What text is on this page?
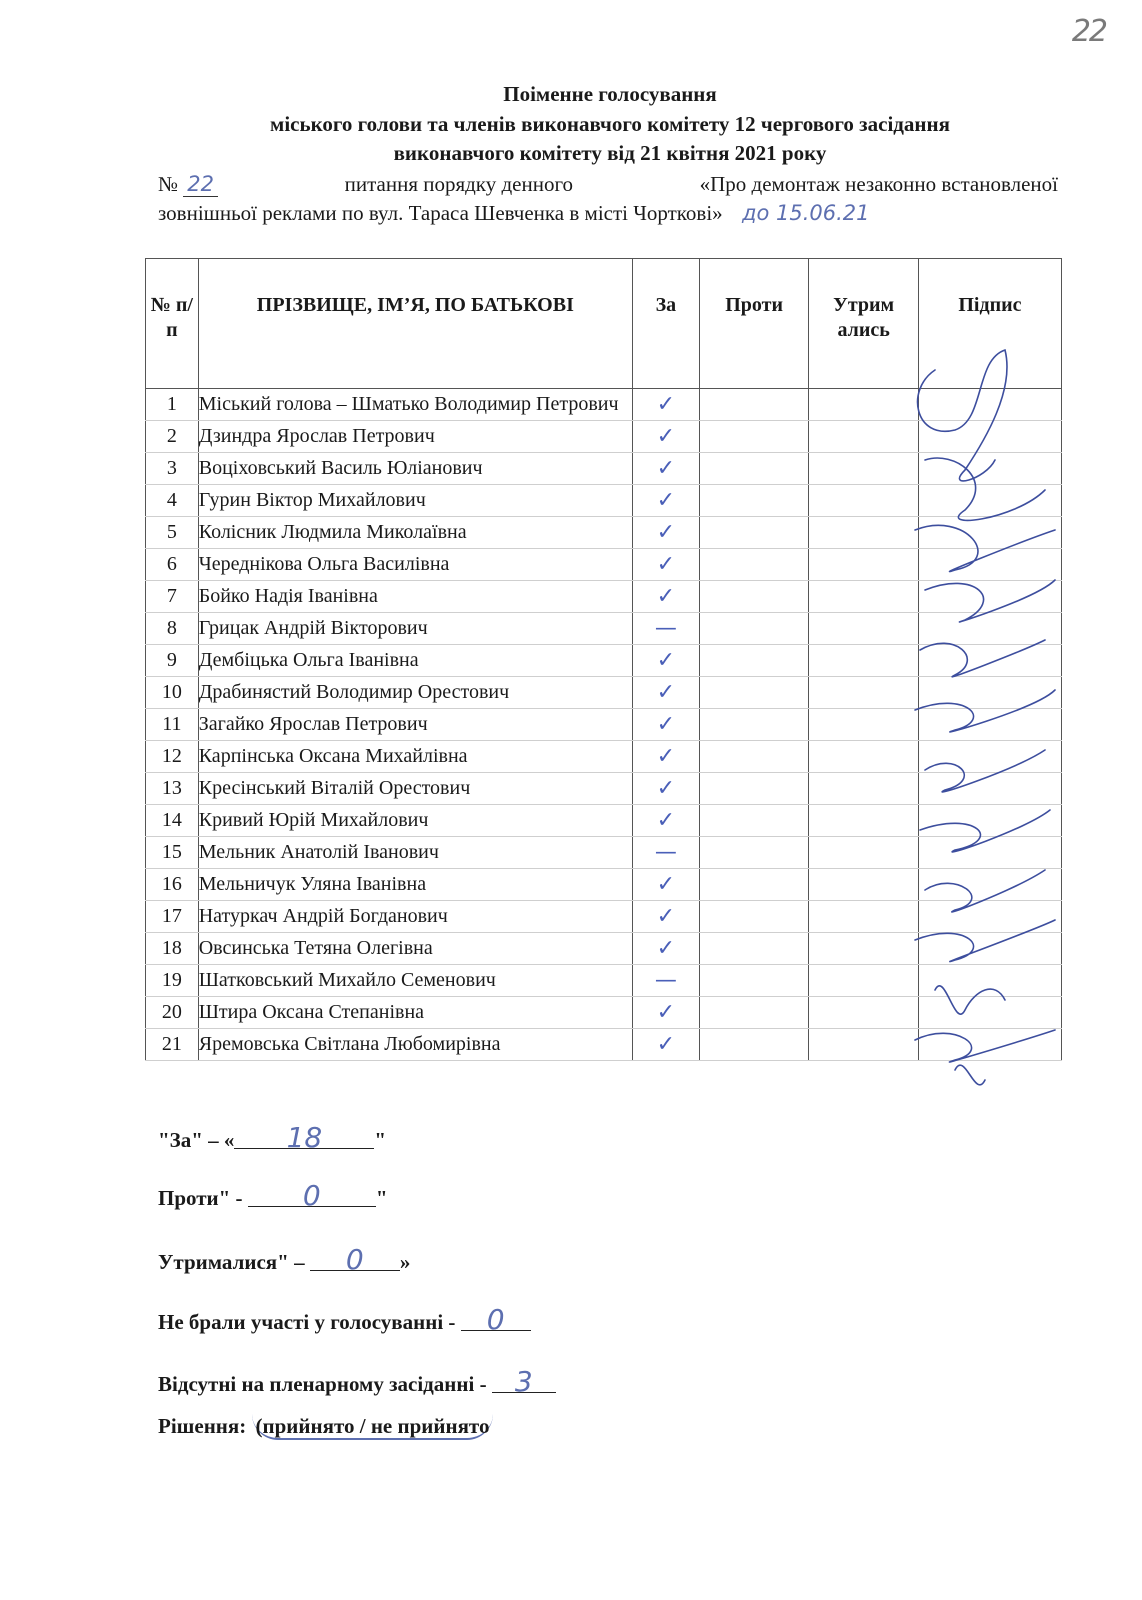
22
Поіменне голосування
міського голови та членів виконавчого комітету 12 чергового засідання
виконавчого комітету від 21 квітня 2021 року
№ 22	питання порядку денного	«Про демонтаж незаконно встановленої
зовнішньої реклами по вул. Тараса Шевченка в місті Чорткові» до 15.06.21
№ п/п	ПРІЗВИЩЕ, ІМ’Я, ПО БАТЬКОВІ	За	Проти	Утрим ались	Підпис
1	Міський голова – Шматько Володимир Петрович	✓			
2	Дзиндра Ярослав Петрович	✓			
3	Воціховський Василь Юліанович	✓			
4	Гурин Віктор Михайлович	✓			
5	Колісник Людмила Миколаївна	✓			
6	Череднікова Ольга Василівна	✓			
7	Бойко Надія Іванівна	✓			
8	Грицак Андрій Вікторович	—			
9	Дембіцька Ольга Іванівна	✓			
10	Драбинястий Володимир Орестович	✓			
11	Загайко Ярослав Петрович	✓			
12	Карпінська Оксана Михайлівна	✓			
13	Кресінський Віталій Орестович	✓			
14	Кривий Юрій Михайлович	✓			
15	Мельник Анатолій Іванович	—			
16	Мельничук Уляна Іванівна	✓			
17	Натуркач Андрій Богданович	✓			
18	Овсинська Тетяна Олегівна	✓			
19	Шатковський Михайло Семенович	—			
20	Штира Оксана Степанівна	✓			
21	Яремовська Світлана Любомирівна	✓			
"За" – « 18 "
Проти" - 0	"
Утрималися" – 0 »
Не брали участі у голосуванні - 0
Відсутні на пленарному засіданні - 3
Рішення: (прийнято / не прийнято
